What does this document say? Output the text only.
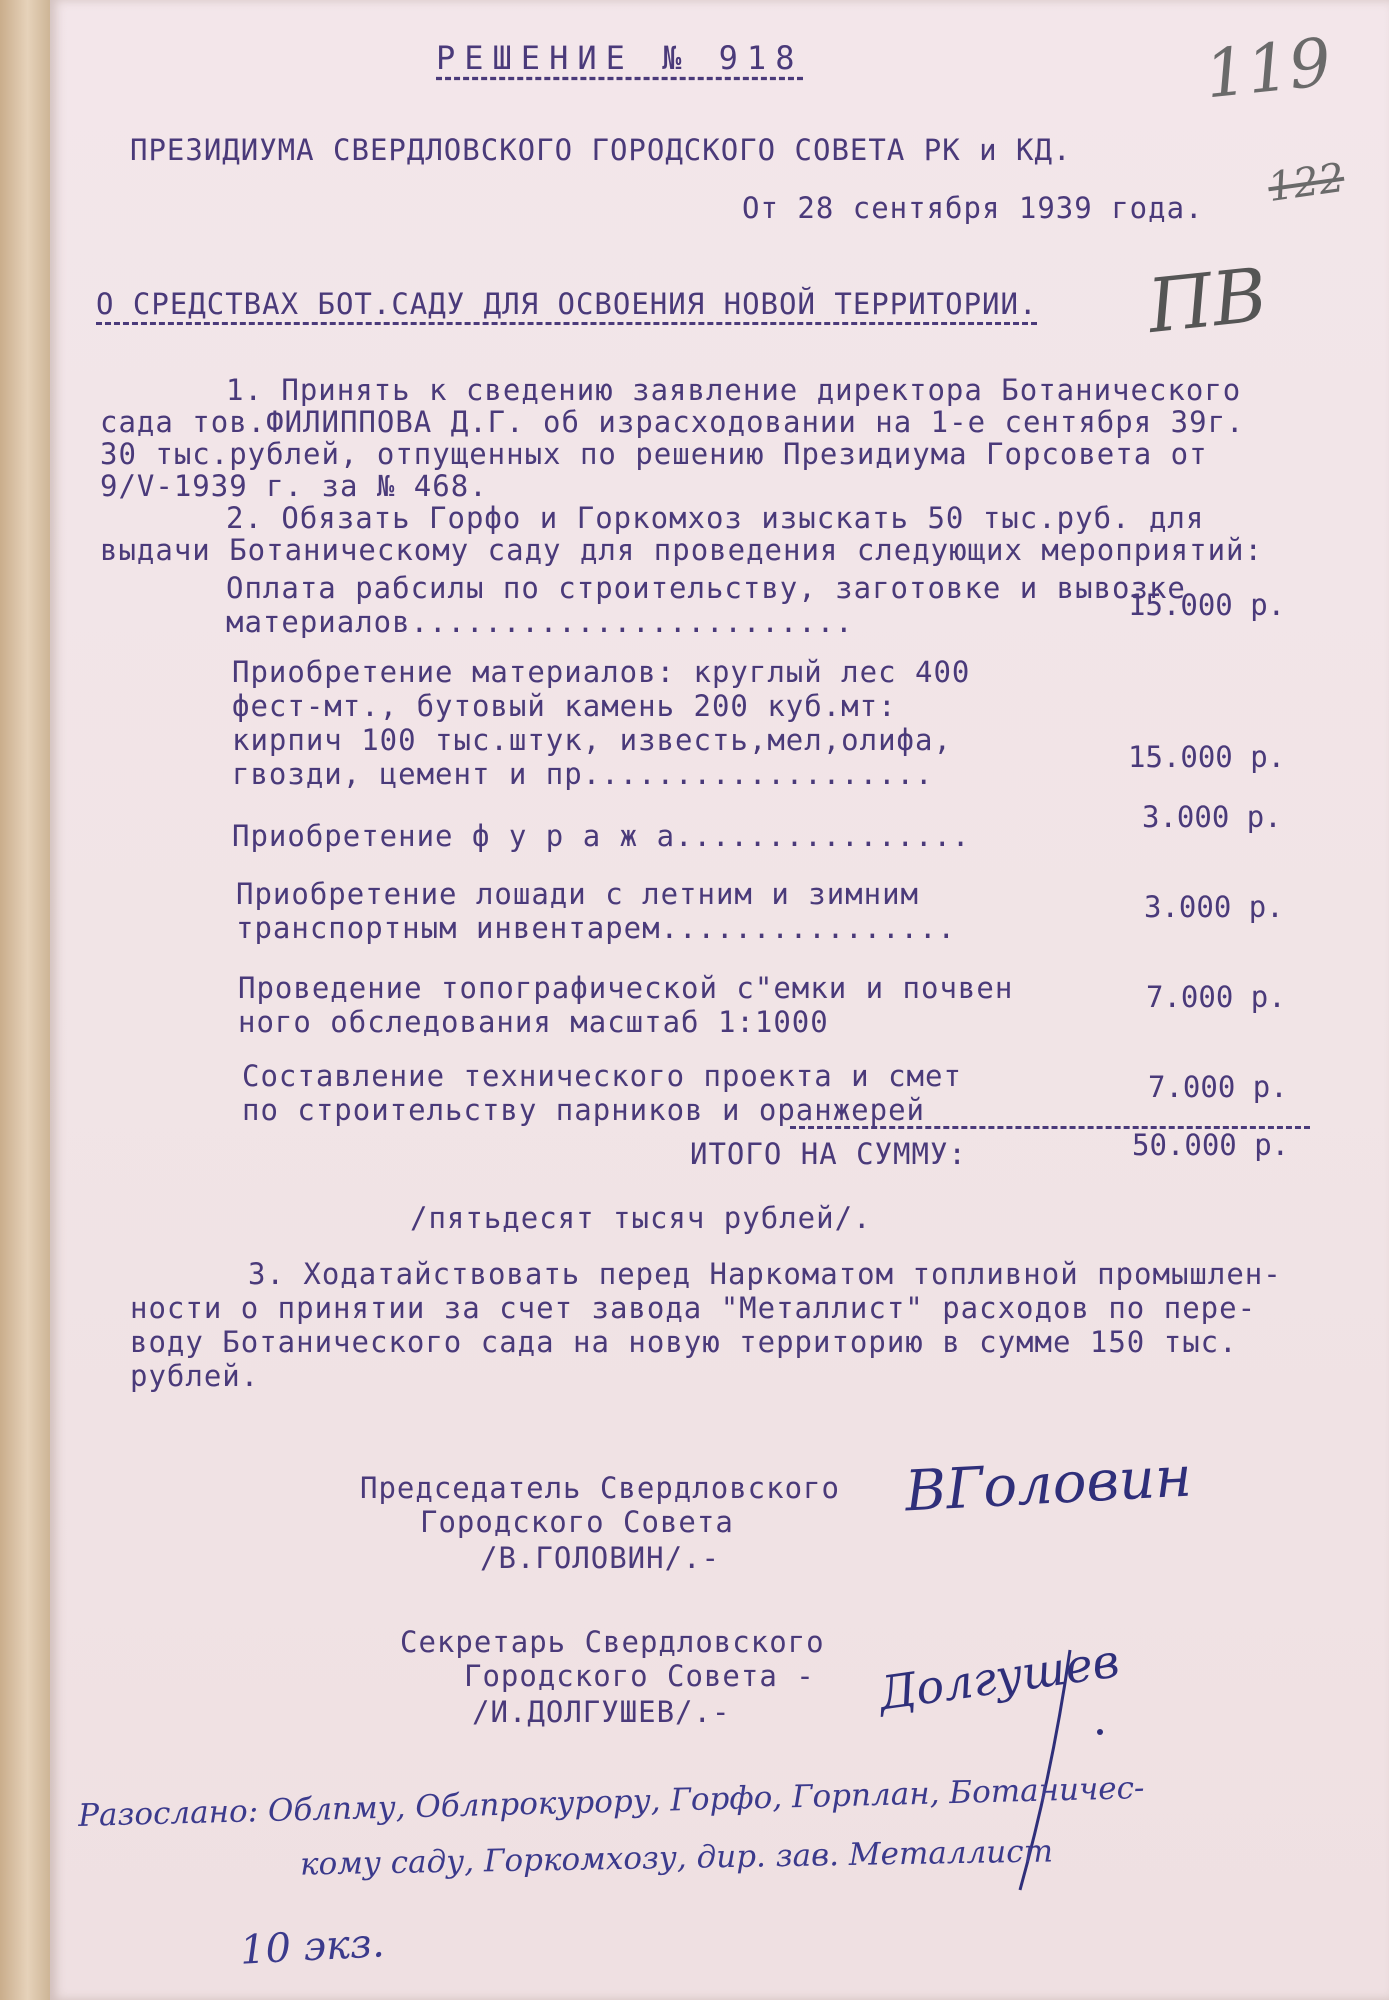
РЕШЕНИЕ № 918
ПРЕЗИДИУМА СВЕРДЛОВСКОГО ГОРОДСКОГО СОВЕТА РК и КД.
От 28 сентября 1939 года.
О СРЕДСТВАХ БОТ.САДУ ДЛЯ ОСВОЕНИЯ НОВОЙ ТЕРРИТОРИИ.
119
122
ПВ
1. Принять к сведению заявление директора Ботанического
сада тов.ФИЛИППОВА Д.Г. об израсходовании на 1-е сентября 39г.
30 тыс.рублей, отпущенных по решению Президиума Горсовета от
9/V-1939 г. за № 468.
2. Обязать Горфо и Горкомхоз изыскать 50 тыс.руб. для
выдачи Ботаническому саду для проведения следующих мероприятий:
Оплата рабсилы по строительству, заготовке и вывозке
материалов........................	15.000 р.
Приобретение материалов: круглый лес 400
фест-мт., бутовый камень 200 куб.мт:
кирпич 100 тыс.штук, известь,мел,олифа,
гвозди, цемент и пр...................	15.000 р.
Приобретение ф у р а ж а................
3.000 р.
Приобретение лошади с летним и зимним
транспортным инвентарем................
3.000 р.
Проведение топографической с"емки и почвен
ного обследования масштаб 1:1000
7.000 р.
Составление технического проекта и смет
по строительству парников и оранжерей
7.000 р.
ИТОГО НА СУММУ:	50.000 р.
/пятьдесят тысяч рублей/.
3. Ходатайствовать перед Наркоматом топливной промышлен-
ности о принятии за счет завода "Металлист" расходов по пере-
воду Ботанического сада на новую территорию в сумме 150 тыс.
рублей.
Председатель Свердловского
Городского Совета
/В.ГОЛОВИН/.-
ВГоловин
Секретарь Свердловского
Городского Совета -
/И.ДОЛГУШЕВ/.-	Долгушев
Разослано: Облпму, Облпрокурору, Горфо, Горплан, Ботаничес-
кому саду, Горкомхозу, дир. зав. Металлист
10 экз.
